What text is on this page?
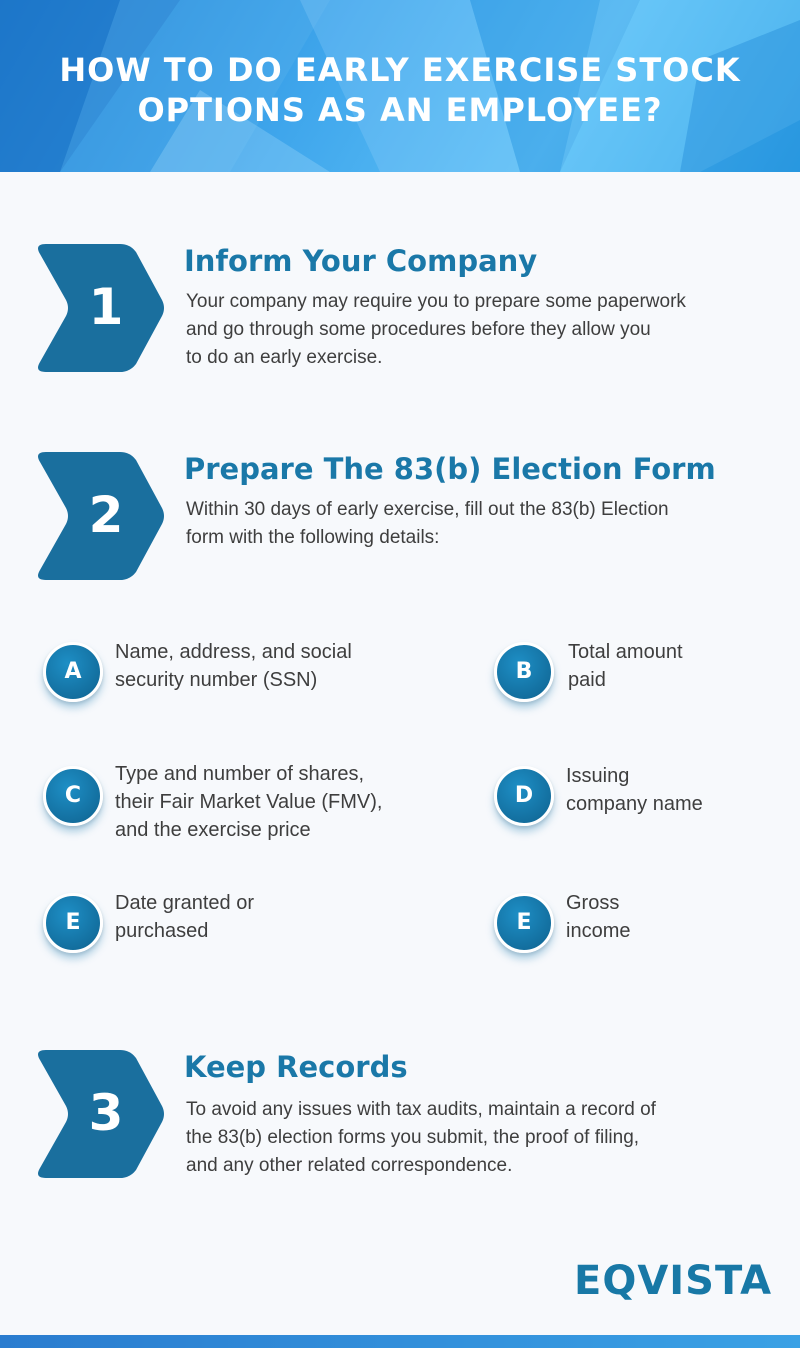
HOW TO DO EARLY EXERCISE STOCK
OPTIONS AS AN EMPLOYEE?
1
Inform Your Company

Your company may require you to prepare some paperwork
and go through some procedures before they allow you
to do an early exercise.

2
Prepare The 83(b) Election Form

Within 30 days of early exercise, fill out the 83(b) Election
form with the following details:

A
Name, address, and social
security number (SSN)	B
Total amount
paid
C
Type and number of shares,
their Fair Market Value (FMV),
and the exercise price
D
Issuing
company name
E
Date granted or
purchased	E
Gross
income
3
Keep Records

To avoid any issues with tax audits, maintain a record of
the 83(b) election forms you submit, the proof of filing,
and any other related correspondence.

EQVISTA
